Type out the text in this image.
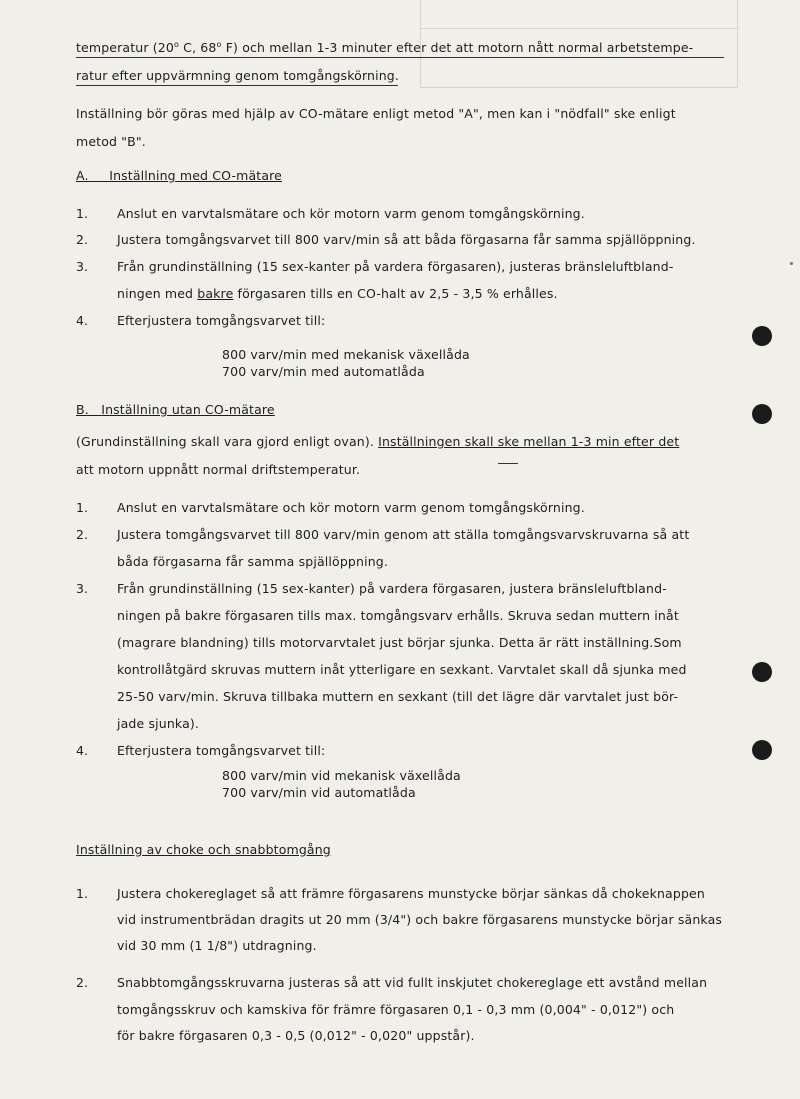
temperatur (20$^o$ C, 68$^o$ F) och mellan 1-3 minuter efter det att motorn nått normal arbetstempe-
ratur efter uppvärmning genom tomgångskörning.
Inställning bör göras med hjälp av CO-mätare enligt metod "A", men kan i "nödfall" ske enligt
metod "B".
A. Inställning med CO-mätare
1. Anslut en varvtalsmätare och kör motorn varm genom tomgångskörning.
2. Justera tomgångsvarvet till 800 varv/min så att båda förgasarna får samma spjällöppning.
3. Från grundinställning (15 sex-kanter på vardera förgasaren), justeras bränsleluftbland-
ningen med bakre förgasaren tills en CO-halt av 2,5 - 3,5 % erhålles.
4. Efterjustera tomgångsvarvet till:
800 varv/min med mekanisk växellåda
700 varv/min med automatlåda
B. Inställning utan CO-mätare
(Grundinställning skall vara gjord enligt ovan). Inställningen skall ske mellan 1-3 min efter det
att motorn uppnått normal driftstemperatur.
1. Anslut en varvtalsmätare och kör motorn varm genom tomgångskörning.
2. Justera tomgångsvarvet till 800 varv/min genom att ställa tomgångsvarvskruvarna så att
båda förgasarna får samma spjällöppning.
3. Från grundinställning (15 sex-kanter) på vardera förgasaren, justera bränsleluftbland-
ningen på bakre förgasaren tills max. tomgångsvarv erhålls. Skruva sedan muttern inåt
(magrare blandning) tills motorvarvtalet just börjar sjunka. Detta är rätt inställning.Som
kontrollåtgärd skruvas muttern inåt ytterligare en sexkant. Varvtalet skall då sjunka med
25-50 varv/min. Skruva tillbaka muttern en sexkant (till det lägre där varvtalet just bör-
jade sjunka).
4. Efterjustera tomgångsvarvet till:
800 varv/min vid mekanisk växellåda
700 varv/min vid automatlåda
Inställning av choke och snabbtomgång
1. Justera chokereglaget så att främre förgasarens munstycke börjar sänkas då chokeknappen
vid instrumentbrädan dragits ut 20 mm (3/4") och bakre förgasarens munstycke börjar sänkas
vid 30 mm (1 1/8") utdragning.
2. Snabbtomgångsskruvarna justeras så att vid fullt inskjutet chokereglage ett avstånd mellan
tomgångsskruv och kamskiva för främre förgasaren 0,1 - 0,3 mm (0,004" - 0,012") och
för bakre förgasaren 0,3 - 0,5 (0,012" - 0,020" uppstår).
